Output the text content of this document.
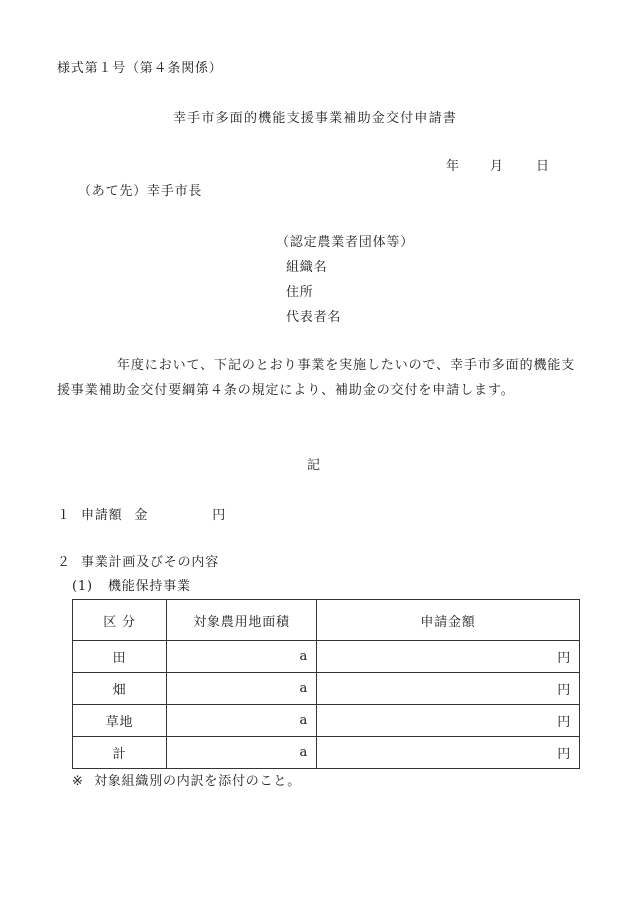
様式第１号（第４条関係）
幸手市多面的機能支援事業補助金交付申請書
年 月 日
（あて先）幸手市長
（認定農業者団体等）
組織名
住所
代表者名
年度において、下記のとおり事業を実施したいので、幸手市多面的機能支援事業補助金交付要綱第４条の規定により、補助金の交付を申請します。
記
１ 申請額 金	円
２ 事業計画及びその内容
(1) 機能保持事業
区 分	対象農用地面積	申請金額
田	a	円
畑	a	円
草地	a	円
計	a	円
※ 対象組織別の内訳を添付のこと。
